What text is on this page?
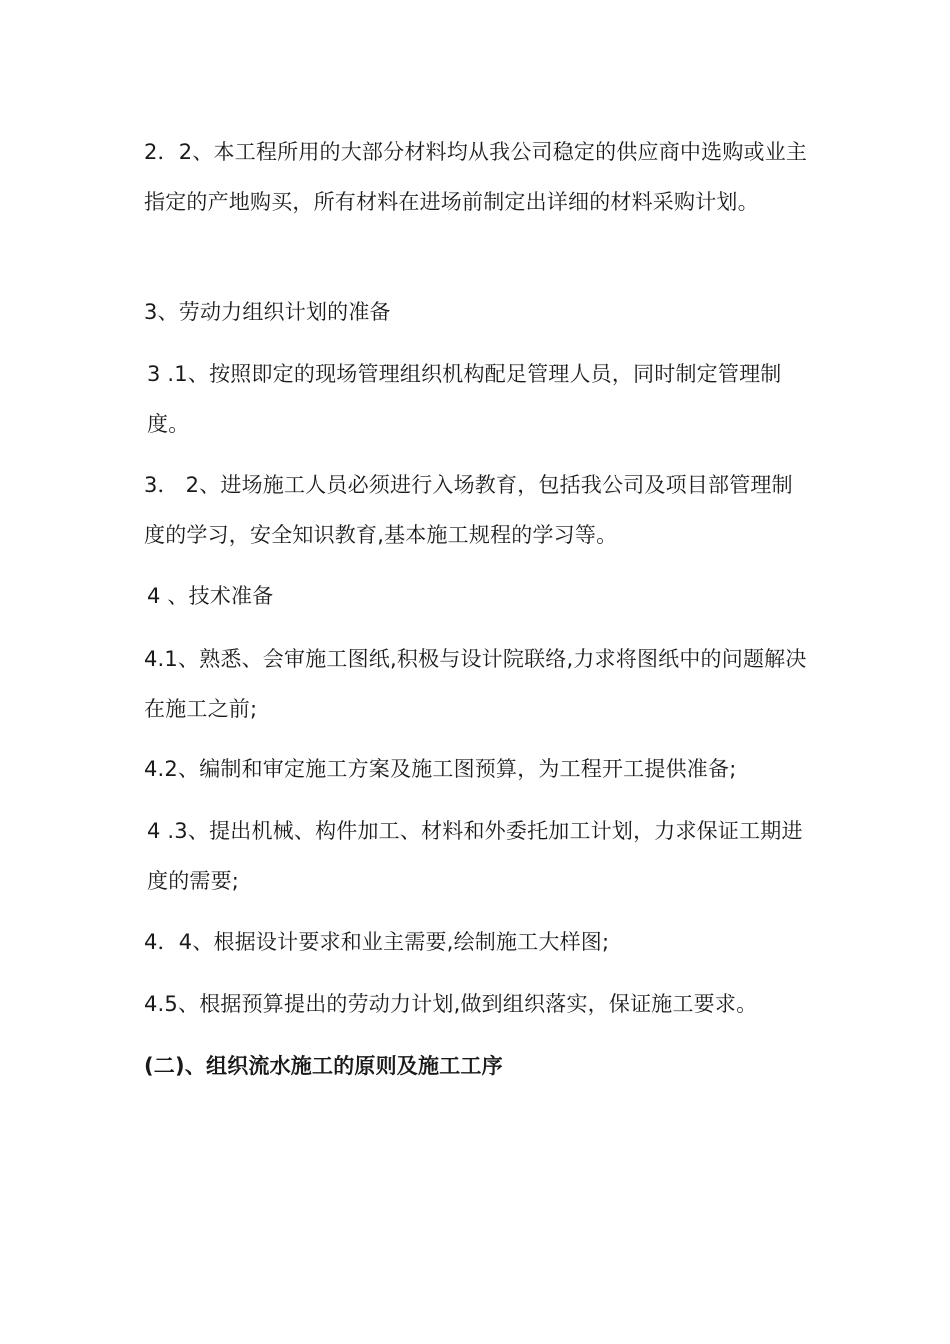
2．2、本工程所用的大部分材料均从我公司稳定的供应商中选购或业主指定的产地购买，所有材料在进场前制定出详细的材料采购计划。

3、劳动力组织计划的准备

3 .1、按照即定的现场管理组织机构配足管理人员，同时制定管理制度。

3． 2、进场施工人员必须进行入场教育，包括我公司及项目部管理制度的学习，安全知识教育,基本施工规程的学习等。

4 、技术准备

4.1、熟悉、会审施工图纸,积极与设计院联络,力求将图纸中的问题解决在施工之前;

4.2、编制和审定施工方案及施工图预算，为工程开工提供准备;

4 .3、提出机械、构件加工、材料和外委托加工计划，力求保证工期进度的需要;

4．4、根据设计要求和业主需要,绘制施工大样图;

4.5、根据预算提出的劳动力计划,做到组织落实，保证施工要求。

(二)、组织流水施工的原则及施工工序
